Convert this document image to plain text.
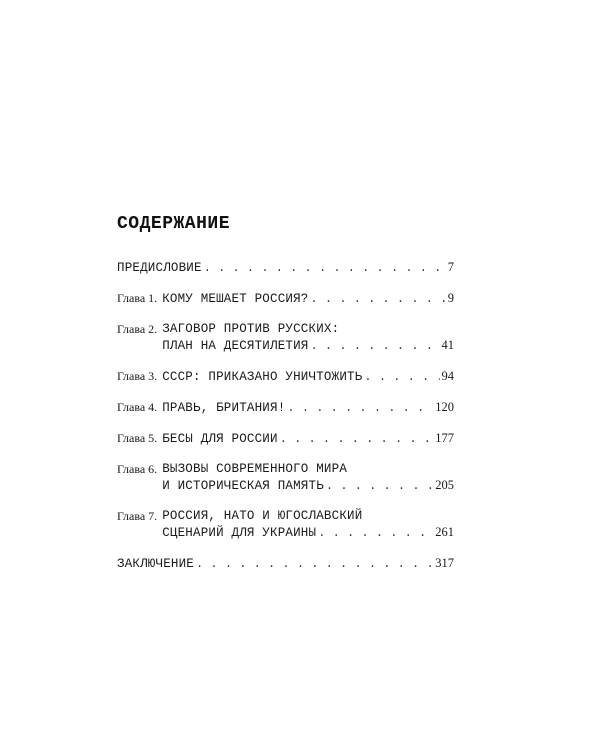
СОДЕРЖАНИЕ
ПРЕДИСЛОВИЕ . . .	7
Глава 1. КОМУ МЕШАЕТ РОССИЯ? . . .	9
Глава 2. ЗАГОВОР ПРОТИВ РУССКИХ:
ПЛАН НА ДЕСЯТИЛЕТИЯ . . .	41
Глава 3. СССР: ПРИКАЗАНО УНИЧТОЖИТЬ . . .	94
Глава 4. ПРАВЬ, БРИТАНИЯ! . . .	120
Глава 5. БЕСЫ ДЛЯ РОССИИ . . .	177
Глава 6. ВЫЗОВЫ СОВРЕМЕННОГО МИРА
И ИСТОРИЧЕСКАЯ ПАМЯТЬ . . .	205
Глава 7. РОССИЯ, НАТО И ЮГОСЛАВСКИЙ
СЦЕНАРИЙ ДЛЯ УКРАИНЫ . . .	261
ЗАКЛЮЧЕНИЕ . . .	317
